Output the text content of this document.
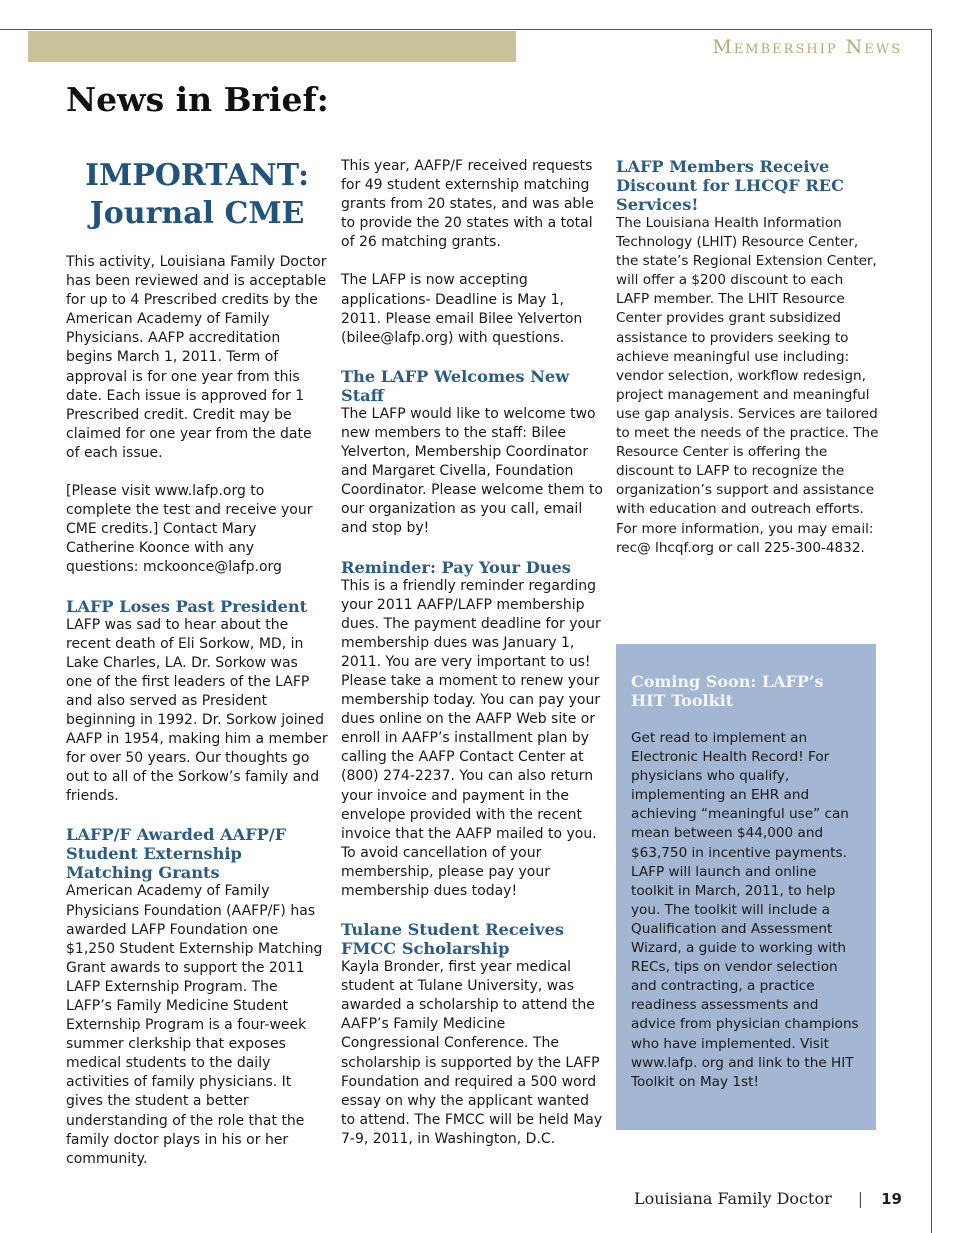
Membership News
News in Brief:
IMPORTANT: Journal CME

This activity, Louisiana Family Doctor has been reviewed and is acceptable for up to 4 Prescribed credits by the American Academy of Family Physicians. AAFP accreditation begins March 1, 2011. Term of approval is for one year from this date. Each issue is approved for 1 Prescribed credit. Credit may be claimed for one year from the date of each issue.

[Please visit www.lafp.org to complete the test and receive your CME credits.] Contact Mary Catherine Koonce with any questions: mckoonce@lafp.org

LAFP Loses Past President

LAFP was sad to hear about the recent death of Eli Sorkow, MD, in Lake Charles, LA. Dr. Sorkow was one of the first leaders of the LAFP and also served as President beginning in 1992. Dr. Sorkow joined AAFP in 1954, making him a member for over 50 years. Our thoughts go out to all of the Sorkow’s family and friends.

LAFP/F Awarded AAFP/F Student Externship Matching Grants

American Academy of Family Physicians Foundation (AAFP/F) has awarded LAFP Foundation one $1,250 Student Externship Matching Grant awards to support the 2011 LAFP Externship Program. The LAFP’s Family Medicine Student Externship Program is a four-week summer clerkship that exposes medical students to the daily activities of family physicians. It gives the student a better understanding of the role that the family doctor plays in his or her community.

This year, AAFP/F received requests for 49 student externship matching grants from 20 states, and was able to provide the 20 states with a total of 26 matching grants.

The LAFP is now accepting applications- Deadline is May 1, 2011. Please email Bilee Yelverton (bilee@lafp.org) with questions.

The LAFP Welcomes New Staff

The LAFP would like to welcome two new members to the staff: Bilee Yelverton, Membership Coordinator and Margaret Civella, Foundation Coordinator. Please welcome them to our organization as you call, email and stop by!

Reminder: Pay Your Dues

This is a friendly reminder regarding your 2011 AAFP/LAFP membership dues. The payment deadline for your membership dues was January 1, 2011. You are very important to us! Please take a moment to renew your membership today. You can pay your dues online on the AAFP Web site or enroll in AAFP’s installment plan by calling the AAFP Contact Center at (800) 274-2237. You can also return your invoice and payment in the envelope provided with the recent invoice that the AAFP mailed to you. To avoid cancellation of your membership, please pay your membership dues today!

Tulane Student Receives FMCC Scholarship

Kayla Bronder, first year medical student at Tulane University, was awarded a scholarship to attend the AAFP’s Family Medicine Congressional Conference. The scholarship is supported by the LAFP Foundation and required a 500 word essay on why the applicant wanted to attend. The FMCC will be held May 7-9, 2011, in Washington, D.C.

LAFP Members Receive Discount for LHCQF REC Services!

The Louisiana Health Information Technology (LHIT) Resource Center, the state’s Regional Extension Center, will offer a $200 discount to each LAFP member. The LHIT Resource Center provides grant subsidized assistance to providers seeking to achieve meaningful use including: vendor selection, workflow redesign, project management and meaningful use gap analysis. Services are tailored to meet the needs of the practice. The Resource Center is offering the discount to LAFP to recognize the organization’s support and assistance with education and outreach efforts. For more information, you may email: rec@ lhcqf.org or call 225-300-4832.

Coming Soon: LAFP’s HIT Toolkit

Get read to implement an Electronic Health Record! For physicians who qualify, implementing an EHR and achieving “meaningful use” can mean between $44,000 and $63,750 in incentive payments. LAFP will launch and online toolkit in March, 2011, to help you. The toolkit will include a Qualification and Assessment Wizard, a guide to working with RECs, tips on vendor selection and contracting, a practice readiness assessments and advice from physician champions who have implemented. Visit www.lafp. org and link to the HIT Toolkit on May 1st!

Louisiana Family Doctor | 19
